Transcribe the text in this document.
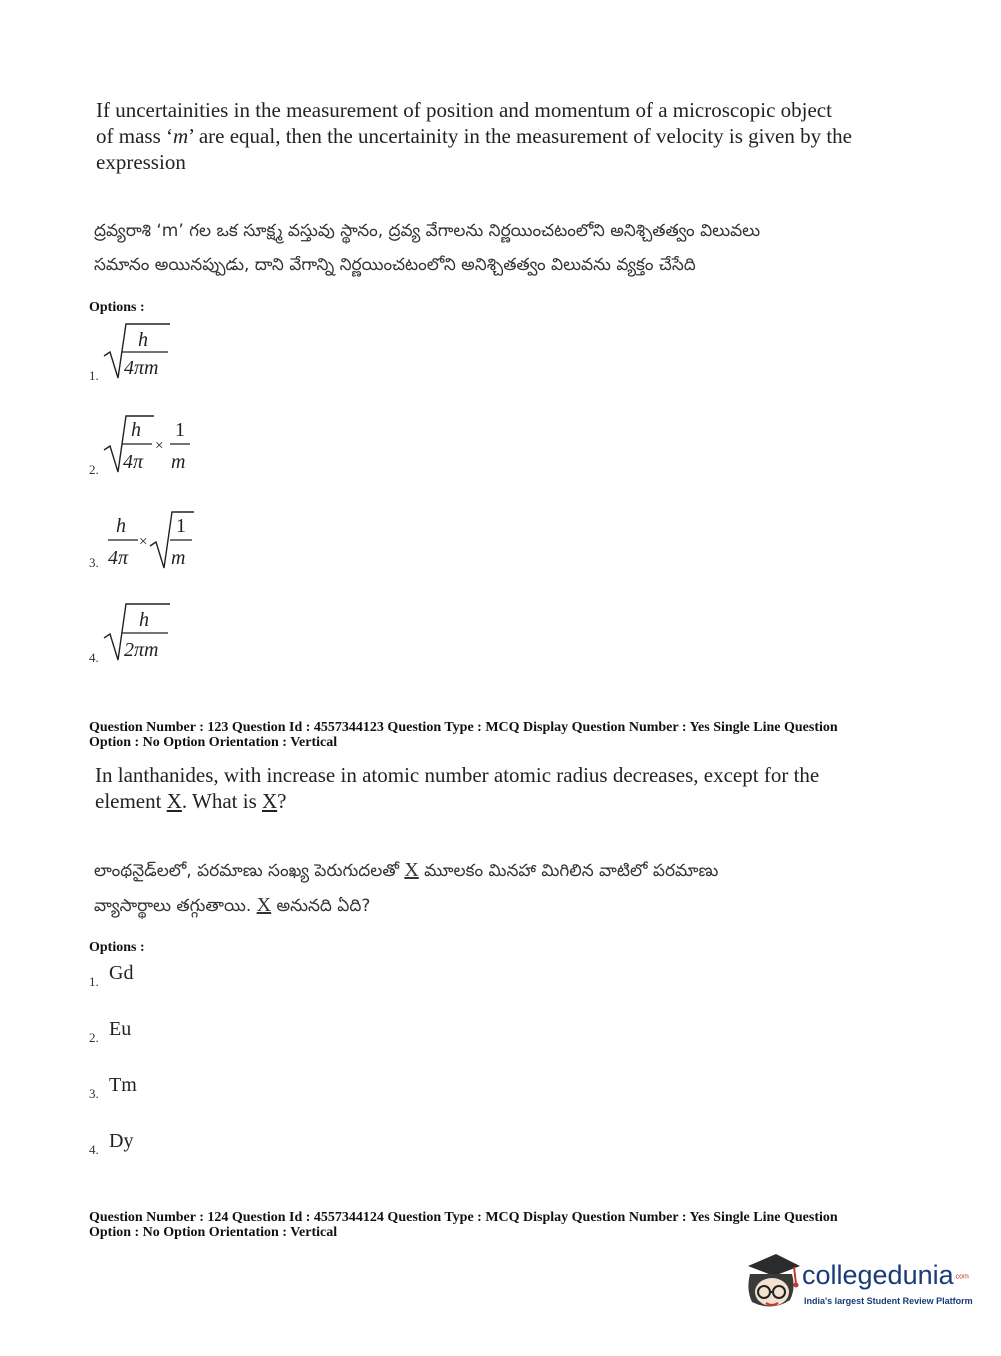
If uncertainities in the measurement of position and momentum of a microscopic object
of mass ‘m’ are equal, then the uncertainity in the measurement of velocity is given by the
expression
ద్రవ్యరాశి ‘m’ గల ఒక సూక్ష్మ వస్తువు స్థానం, ద్రవ్య వేగాలను నిర్ణయించటంలోని అనిశ్చితత్వం విలువలు
సమానం అయినప్పుడు, దాని వేగాన్ని నిర్ణయించటంలోని అనిశ్చితత్వం విలువను వ్యక్తం చేసేది
Options :
1.
h
4πm
2.
h
4π
×
1
m
3.
h
4π
×
1
m
4.
h
2πm
Question Number : 123 Question Id : 4557344123 Question Type : MCQ Display Question Number : Yes Single Line Question
Option : No Option Orientation : Vertical
In lanthanides, with increase in atomic number atomic radius decreases, except for the
element X. What is X?
లాంథనైడ్‌లలో, పరమాణు సంఖ్య పెరుగుదలతో X మూలకం మినహా మిగిలిన వాటిలో పరమాణు
వ్యాసార్థాలు తగ్గుతాయి. X అనునది ఏది?
Options :
1. Gd
2. Eu
3. Tm
4. Dy
Question Number : 124 Question Id : 4557344124 Question Type : MCQ Display Question Number : Yes Single Line Question
Option : No Option Orientation : Vertical
collegedunia.com
India's largest Student Review Platform
